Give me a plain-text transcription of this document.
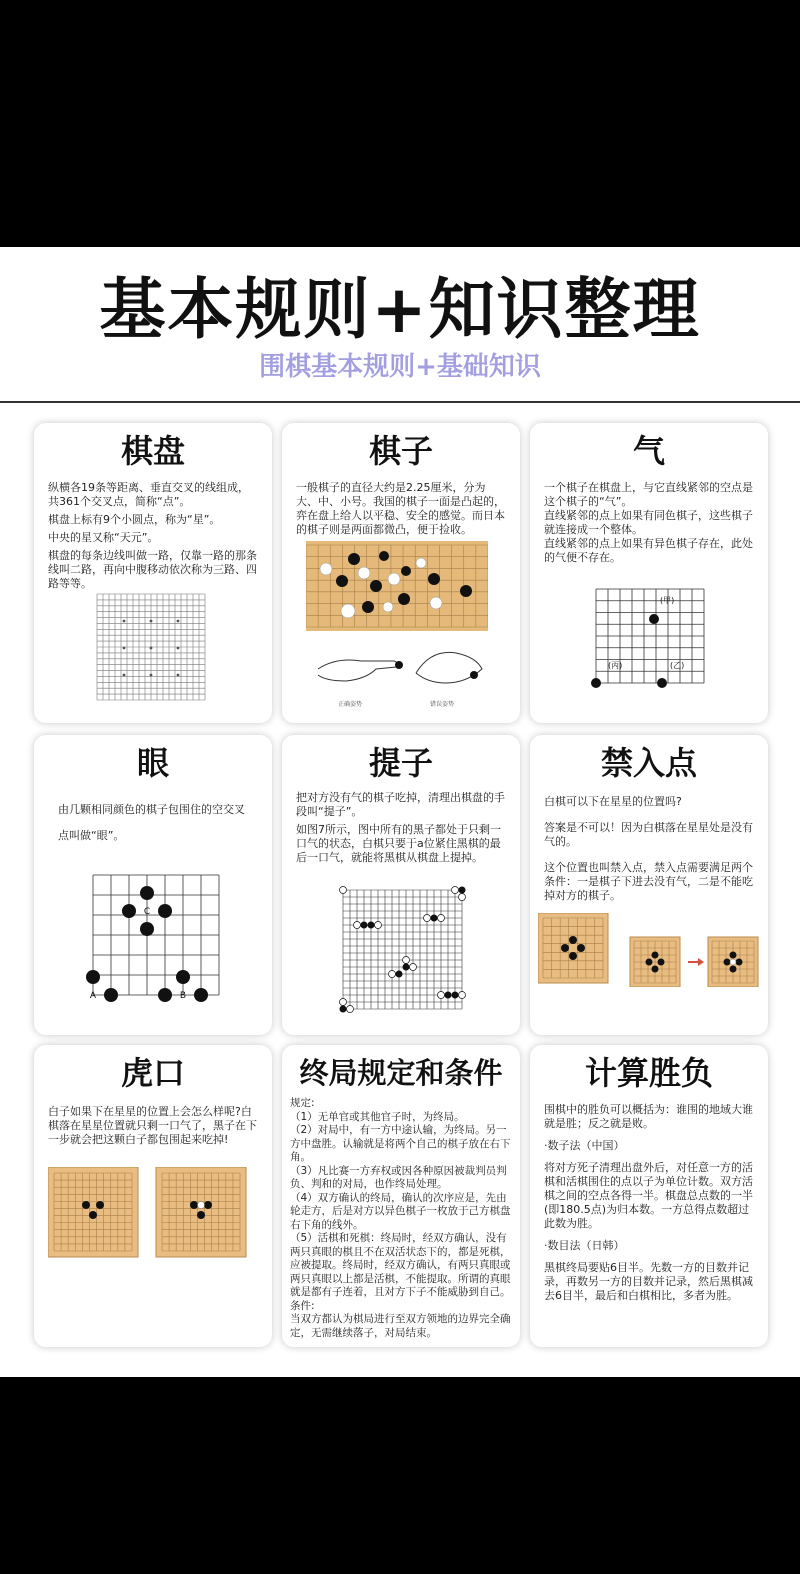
基本规则+知识整理
围棋基本规则+基础知识
棋盘

纵横各19条等距离、垂直交叉的线组成，共361个交叉点，简称“点”。

棋盘上标有9个小圆点，称为“星”。

中央的星又称“天元”。

棋盘的每条边线叫做一路，仅靠一路的那条线叫二路，再向中腹移动依次称为三路、四路等等。

棋子

一般棋子的直径大约是2.25厘米，分为大、中、小号。我国的棋子一面是凸起的，弈在盘上给人以平稳、安全的感觉。而日本的棋子则是两面都微凸，便于捡收。

正确姿势	错误姿势
气

一个棋子在棋盘上，与它直线紧邻的空点是这个棋子的“气”。

直线紧邻的点上如果有同色棋子，这些棋子就连接成一个整体。

直线紧邻的点上如果有异色棋子存在，此处的气便不存在。

(甲)
(丙)	(乙)
眼

由几颗相同颜色的棋子包围住的空交叉点叫做“眼”。

C
A	B
提子

把对方没有气的棋子吃掉，清理出棋盘的手段叫“提子”。

如图7所示，图中所有的黑子都处于只剩一口气的状态，白棋只要于a位紧住黑棋的最后一口气，就能将黑棋从棋盘上提掉。

禁入点

白棋可以下在星星的位置吗?

答案是不可以！因为白棋落在星星处是没有气的。

这个位置也叫禁入点，禁入点需要满足两个条件：一是棋子下进去没有气，二是不能吃掉对方的棋子。

虎口

白子如果下在星星的位置上会怎么样呢?白棋落在星星位置就只剩一口气了，黑子在下一步就会把这颗白子都包围起来吃掉!

终局规定和条件

规定:

（1）无单官或其他官子时，为终局。

（2）对局中，有一方中途认输，为终局。另一方中盘胜。认输就是将两个自己的棋子放在右下角。

（3）凡比赛一方弃权或因各种原因被裁判员判负、判和的对局，也作终局处理。

（4）双方确认的终局，确认的次序应是，先由轮走方，后是对方以异色棋子一枚放于己方棋盘右下角的线外。

（5）活棋和死棋：终局时，经双方确认，没有两只真眼的棋且不在双活状态下的，都是死棋，应被提取。终局时，经双方确认，有两只真眼或两只真眼以上都是活棋，不能提取。所谓的真眼就是都有子连着，且对方下子不能威胁到自己。

条件:

当双方都认为棋局进行至双方领地的边界完全确定，无需继续落子，对局结束。

计算胜负

围棋中的胜负可以概括为：谁围的地域大谁就是胜；反之就是败。

·数子法（中国）

将对方死子清理出盘外后，对任意一方的活棋和活棋围住的点以子为单位计数。双方活棋之间的空点各得一半。棋盘总点数的一半(即180.5点)为归本数。一方总得点数超过此数为胜。

·数目法（日韩）

黑棋终局要贴6目半。先数一方的目数并记录，再数另一方的目数并记录，然后黑棋减去6目半，最后和白棋相比，多者为胜。
